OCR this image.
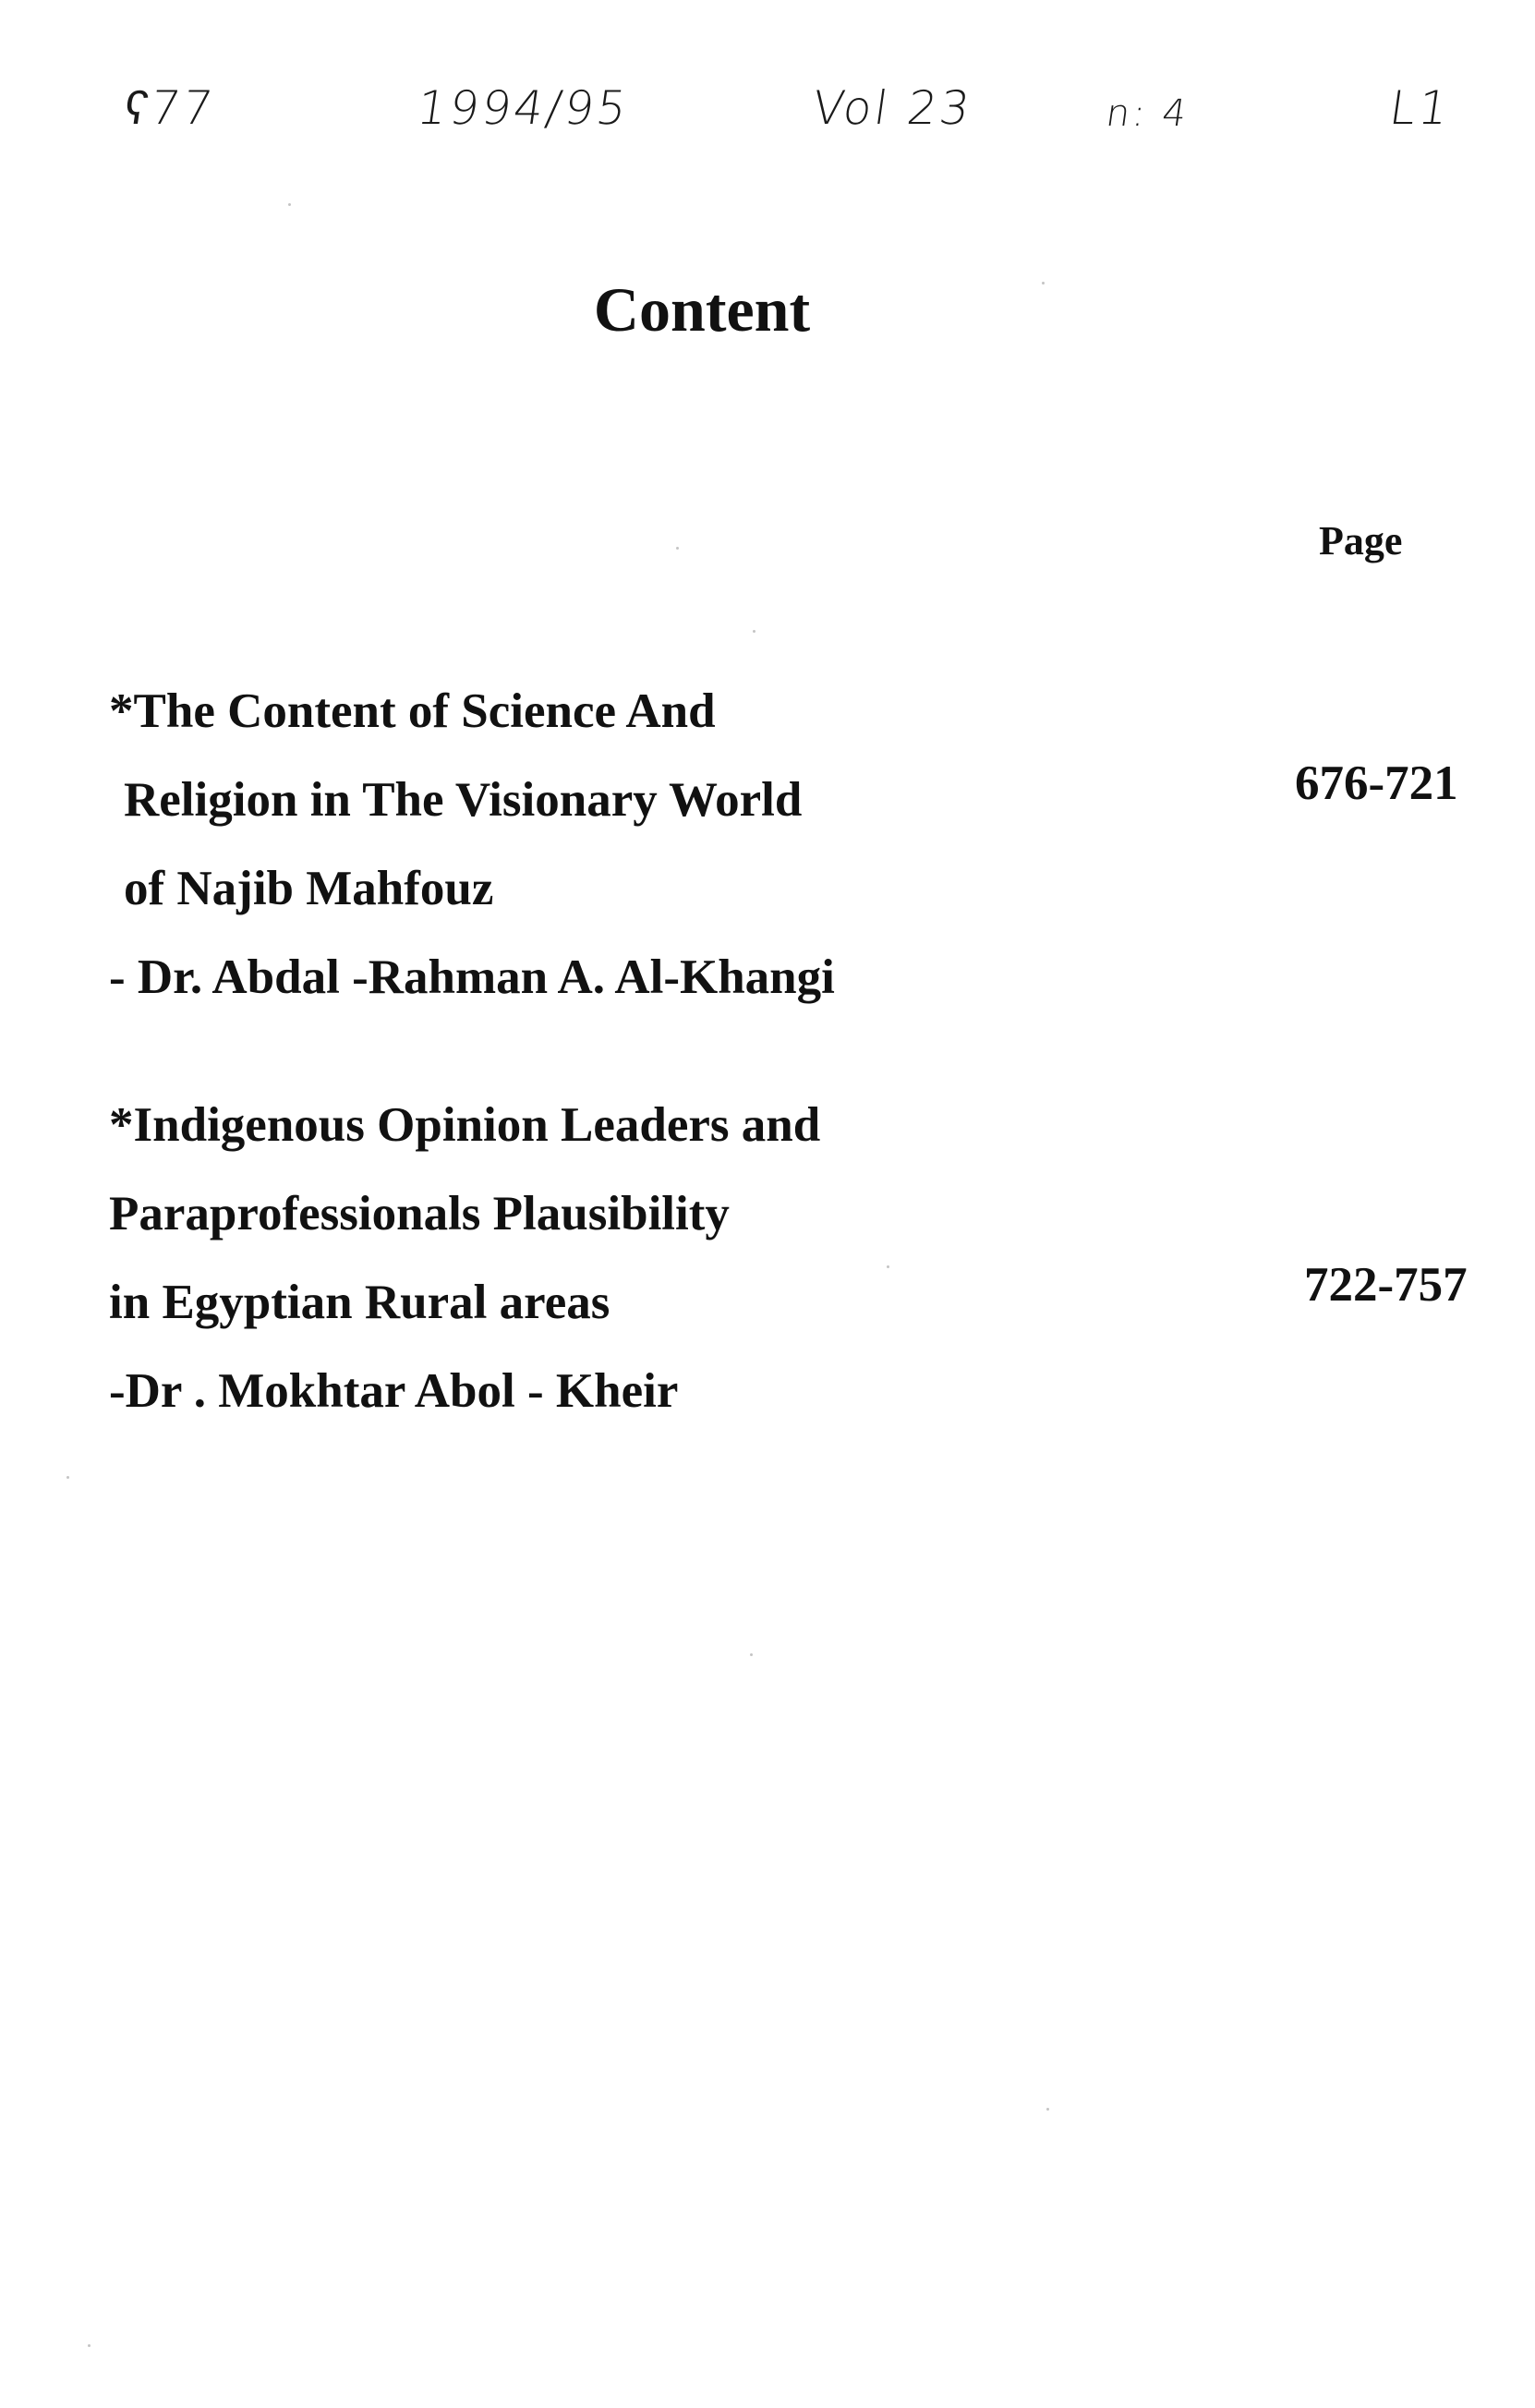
ʕ77	1994/95	Vol 23	n: 4	L1
Content
Page
*The Content of Science And
Religion in The Visionary World
of Najib Mahfouz
- Dr. Abdal -Rahman A. Al-Khangi
676-721
*Indigenous Opinion Leaders and
Paraprofessionals Plausibility
in Egyptian Rural areas
-Dr . Mokhtar Abol - Kheir
722-757
